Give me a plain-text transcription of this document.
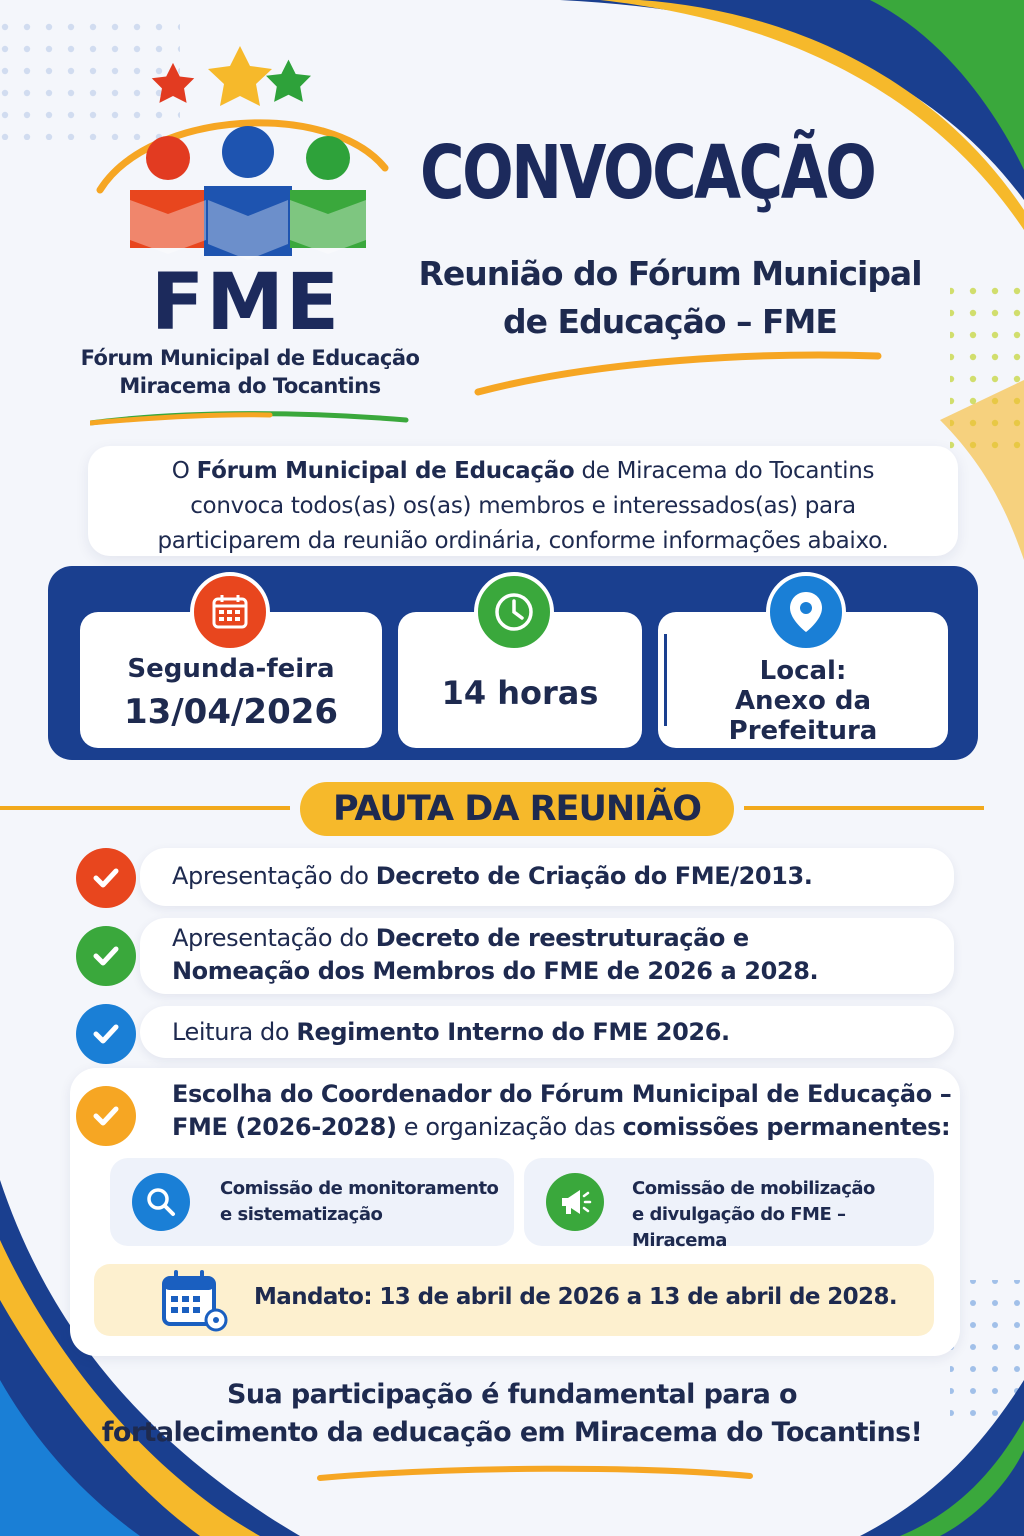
FME
Fórum Municipal de Educação
Miracema do Tocantins
CONVOCAÇÃO
Reunião do Fórum Municipal
de Educação – FME
O Fórum Municipal de Educação de Miracema do Tocantins
convoca todos(as) os(as) membros e interessados(as) para
participarem da reunião ordinária, conforme informações abaixo.
Segunda-feira
13/04/2026	14 horas
Local:
Anexo da
Prefeitura
PAUTA DA REUNIÃO
Apresentação do Decreto de Criação do FME/2013.
Apresentação do Decreto de reestruturação e
Nomeação dos Membros do FME de 2026 a 2028.
Leitura do Regimento Interno do FME 2026.
Escolha do Coordenador do Fórum Municipal de Educação –
FME (2026-2028) e organização das comissões permanentes:
Comissão de monitoramento
e sistematização
Comissão de mobilização
e divulgação do FME – Miracema
Mandato: 13 de abril de 2026 a 13 de abril de 2028.
Sua participação é fundamental para o
fortalecimento da educação em Miracema do Tocantins!
